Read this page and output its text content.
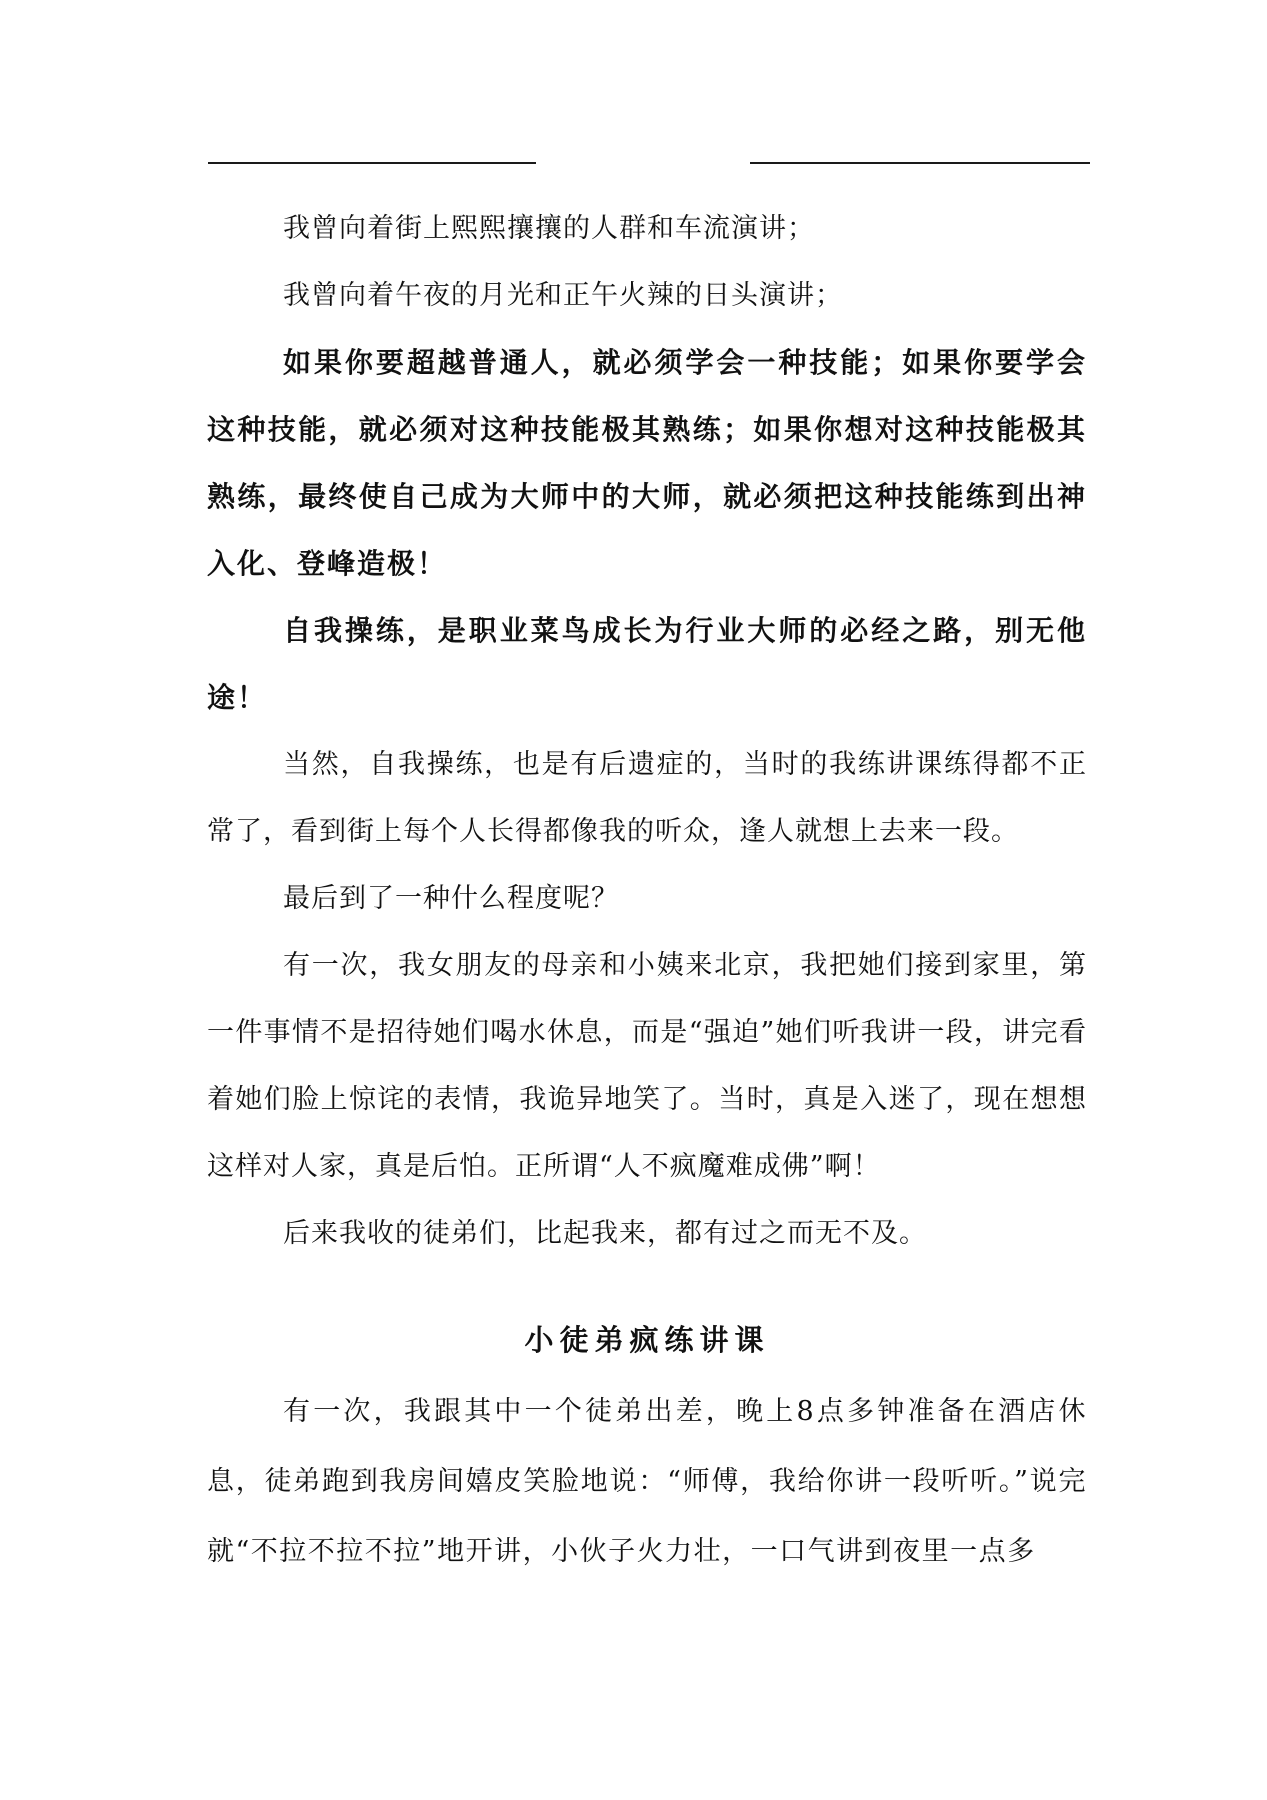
我曾向着街上熙熙攘攘的人群和车流演讲；

我曾向着午夜的月光和正午火辣的日头演讲；

如果你要超越普通人，就必须学会一种技能；如果你要学会这种技能，就必须对这种技能极其熟练；如果你想对这种技能极其熟练，最终使自己成为大师中的大师，就必须把这种技能练到出神入化、登峰造极！

自我操练，是职业菜鸟成长为行业大师的必经之路，别无他途！

当然，自我操练，也是有后遗症的，当时的我练讲课练得都不正常了，看到街上每个人长得都像我的听众，逢人就想上去来一段。

最后到了一种什么程度呢？

有一次，我女朋友的母亲和小姨来北京，我把她们接到家里，第一件事情不是招待她们喝水休息，而是“强迫”她们听我讲一段，讲完看着她们脸上惊诧的表情，我诡异地笑了。当时，真是入迷了，现在想想这样对人家，真是后怕。正所谓“人不疯魔难成佛”啊！

后来我收的徒弟们，比起我来，都有过之而无不及。

小徒弟疯练讲课

有一次，我跟其中一个徒弟出差，晚上8点多钟准备在酒店休息，徒弟跑到我房间嬉皮笑脸地说：“师傅，我给你讲一段听听。”说完就“不拉不拉不拉”地开讲，小伙子火力壮，一口气讲到夜里一点多
